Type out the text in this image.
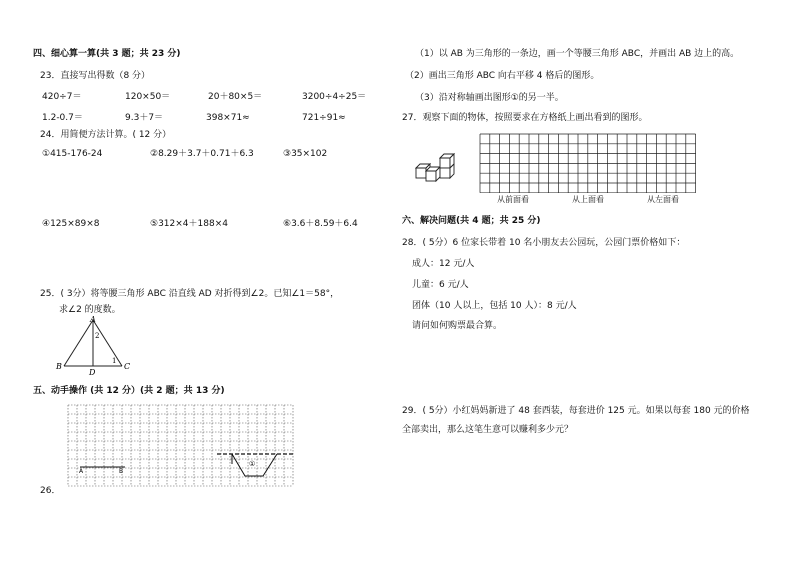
四、细心算一算(共 3 题；共 23 分)
23．直接写出得数（8 分）
420÷7＝	120×50＝	20＋80×5＝	3200÷4÷25＝
1.2-0.7＝	9.3＋7＝	398×71≈	721÷91≈
24．用简便方法计算。( 12 分）
①415-176-24	②8.29＋3.7＋0.71＋6.3	③35×102
④125×89×8	⑤312×4＋188×4	⑥3.6＋8.59＋6.4
25．( 3分）将等腰三角形 ABC 沿直线 AD 对折得到∠2。已知∠1＝58°，
求∠2 的度数。
A
B	C
D
1
2
五、动手操作 (共 12 分）(共 2 题；共 13 分)
A	B
①
26．
（1）以 AB 为三角形的一条边，画一个等腰三角形 ABC，并画出 AB 边上的高。
（2）画出三角形 ABC 向右平移 4 格后的图形。
（3）沿对称轴画出图形①的另一半。
27．观察下面的物体，按照要求在方格纸上画出看到的图形。
从前面看	从上面看	从左面看
六、解决问题(共 4 题；共 25 分)
28．( 5分）6 位家长带着 10 名小朋友去公园玩，公园门票价格如下：
成人：12 元/人
儿童：6 元/人
团体（10 人以上，包括 10 人）：8 元/人
请问如何购票最合算。
29．( 5分）小红妈妈新进了 48 套西装，每套进价 125 元。如果以每套 180 元的价格
全部卖出，那么这笔生意可以赚利多少元？
